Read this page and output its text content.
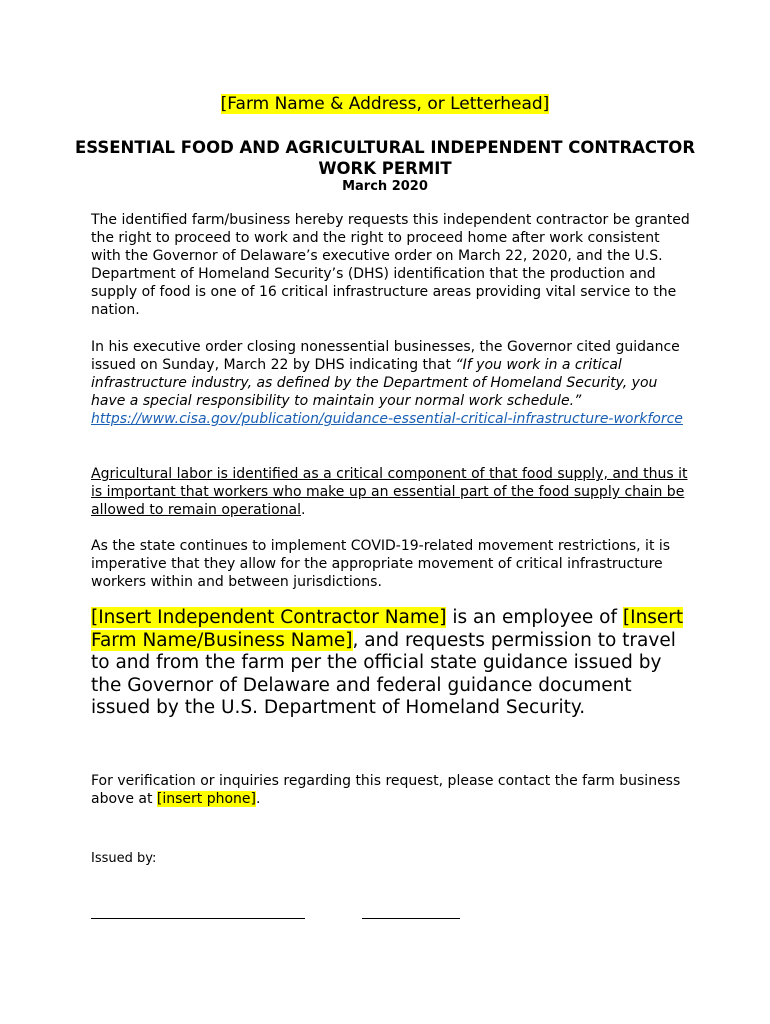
[Farm Name & Address, or Letterhead]
ESSENTIAL FOOD AND AGRICULTURAL INDEPENDENT CONTRACTOR WORK PERMIT
March 2020
The identified farm/business hereby requests this independent contractor be granted the right to proceed to work and the right to proceed home after work consistent with the Governor of Delaware’s executive order on March 22, 2020, and the U.S. Department of Homeland Security’s (DHS) identification that the production and supply of food is one of 16 critical infrastructure areas providing vital service to the nation.
In his executive order closing nonessential businesses, the Governor cited guidance issued on Sunday, March 22 by DHS indicating that “If you work in a critical infrastructure industry, as defined by the Department of Homeland Security, you have a special responsibility to maintain your normal work schedule.” https://www.cisa.gov/publication/guidance-essential-critical-infrastructure-workforce
Agricultural labor is identified as a critical component of that food supply, and thus it is important that workers who make up an essential part of the food supply chain be allowed to remain operational.
As the state continues to implement COVID-19-related movement restrictions, it is imperative that they allow for the appropriate movement of critical infrastructure workers within and between jurisdictions.
[Insert Independent Contractor Name] is an employee of [Insert Farm Name/Business Name], and requests permission to travel to and from the farm per the official state guidance issued by the Governor of Delaware and federal guidance document issued by the U.S. Department of Homeland Security.
For verification or inquiries regarding this request, please contact the farm business above at [insert phone].
Issued by:
